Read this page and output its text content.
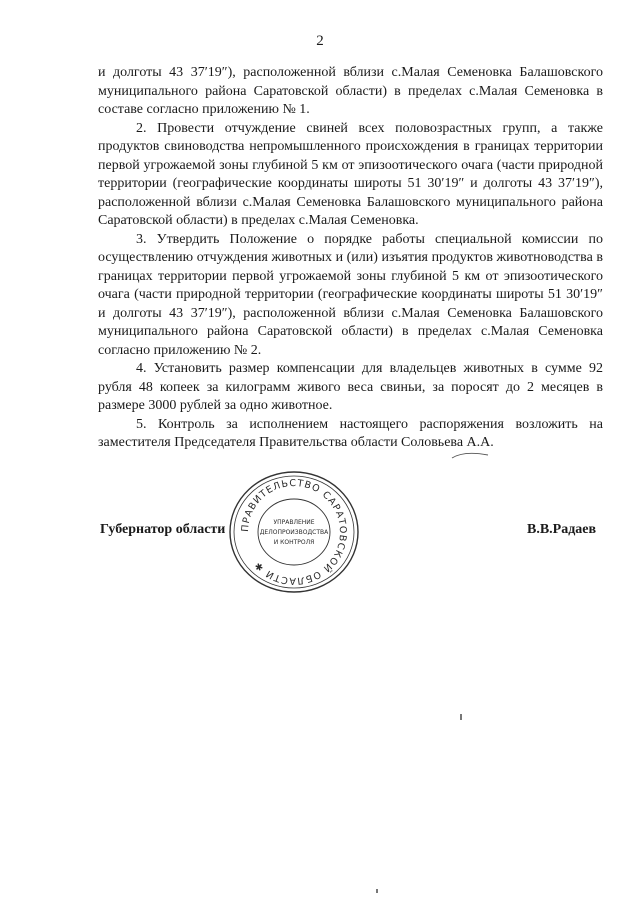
2

и долготы 43 37′19″), расположенной вблизи с.Малая Семеновка Балашовского муниципального района Саратовской области) в пределах с.Малая Семеновка в составе согласно приложению № 1.

2. Провести отчуждение свиней всех половозрастных групп, а также продуктов свиноводства непромышленного происхождения в границах территории первой угрожаемой зоны глубиной 5 км от эпизоотического очага (части природной территории (географические координаты широты 51 30′19″ и долготы 43 37′19″), расположенной вблизи с.Малая Семеновка Балашовского муниципального района Саратовской области) в пределах с.Малая Семеновка.

3. Утвердить Положение о порядке работы специальной комиссии по осуществлению отчуждения животных и (или) изъятия продуктов животноводства в границах территории первой угрожаемой зоны глубиной 5 км от эпизоотического очага (части природной территории (географические координаты широты 51 30′19″ и долготы 43 37′19″), расположенной вблизи с.Малая Семеновка Балашовского муниципального района Саратовской области) в пределах с.Малая Семеновка согласно приложению № 2.

4. Установить размер компенсации для владельцев животных в сумме 92 рубля 48 копеек за килограмм живого веса свиньи, за поросят до 2 месяцев в размере 3000 рублей за одно животное.

5. Контроль за исполнением настоящего распоряжения возложить на заместителя Председателя Правительства области Соловьева А.А.

Губернатор области ПРАВИТЕЛЬСТВО САРАТОВСКОЙ ОБЛАСТИ ✱
УПРАВЛЕНИЕ
ДЕЛОПРОИЗВОДСТВА
И КОНТРОЛЯ
В.В.Радаев
